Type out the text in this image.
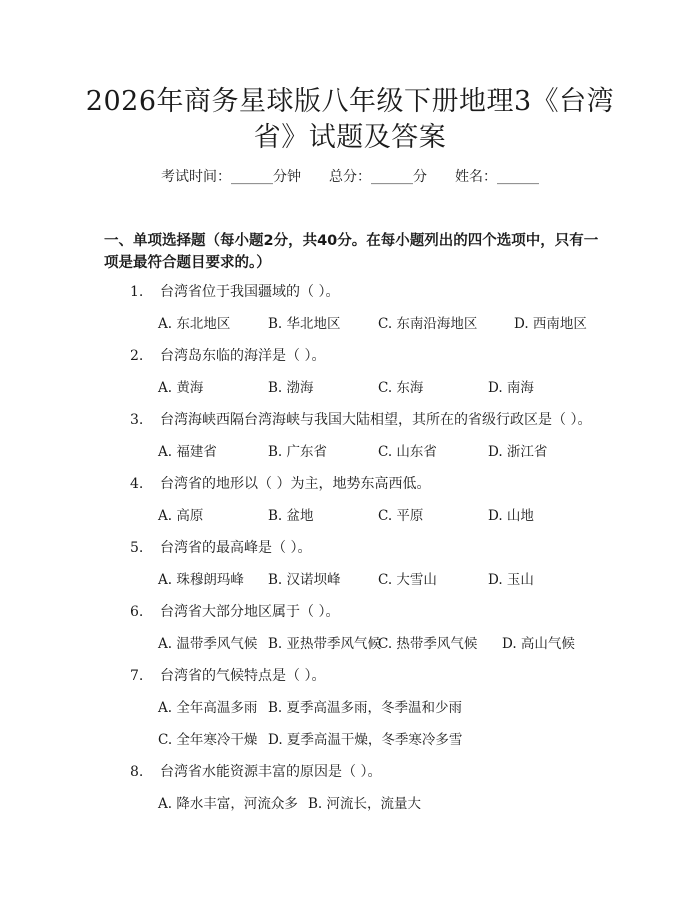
2026年商务星球版八年级下册地理3《台湾
省》试题及答案
考试时间：______分钟 总分：______分 姓名：______
一、单项选择题（每小题2分，共40分。在每小题列出的四个选项中，只有一项是最符合题目要求的。）
1. 台湾省位于我国疆域的（ ）。
A. 东北地区	B. 华北地区	C. 东南沿海地区	D. 西南地区
2. 台湾岛东临的海洋是（ ）。
A. 黄海	B. 渤海	C. 东海	D. 南海
3. 台湾海峡西隔台湾海峡与我国大陆相望，其所在的省级行政区是（ ）。
A. 福建省	B. 广东省	C. 山东省	D. 浙江省
4. 台湾省的地形以（ ）为主，地势东高西低。
A. 高原	B. 盆地	C. 平原	D. 山地
5. 台湾省的最高峰是（ ）。
A. 珠穆朗玛峰 B. 汉诺坝峰	C. 大雪山	D. 玉山
6. 台湾省大部分地区属于（ ）。
A. 温带季风气候 B. 亚热带季风气候
C. 热带季风气候 D. 高山气候
7. 台湾省的气候特点是（ ）。
A. 全年高温多雨 B. 夏季高温多雨，冬季温和少雨
C. 全年寒冷干燥 D. 夏季高温干燥，冬季寒冷多雪
8. 台湾省水能资源丰富的原因是（ ）。
A. 降水丰富，河流众多 B. 河流长，流量大
